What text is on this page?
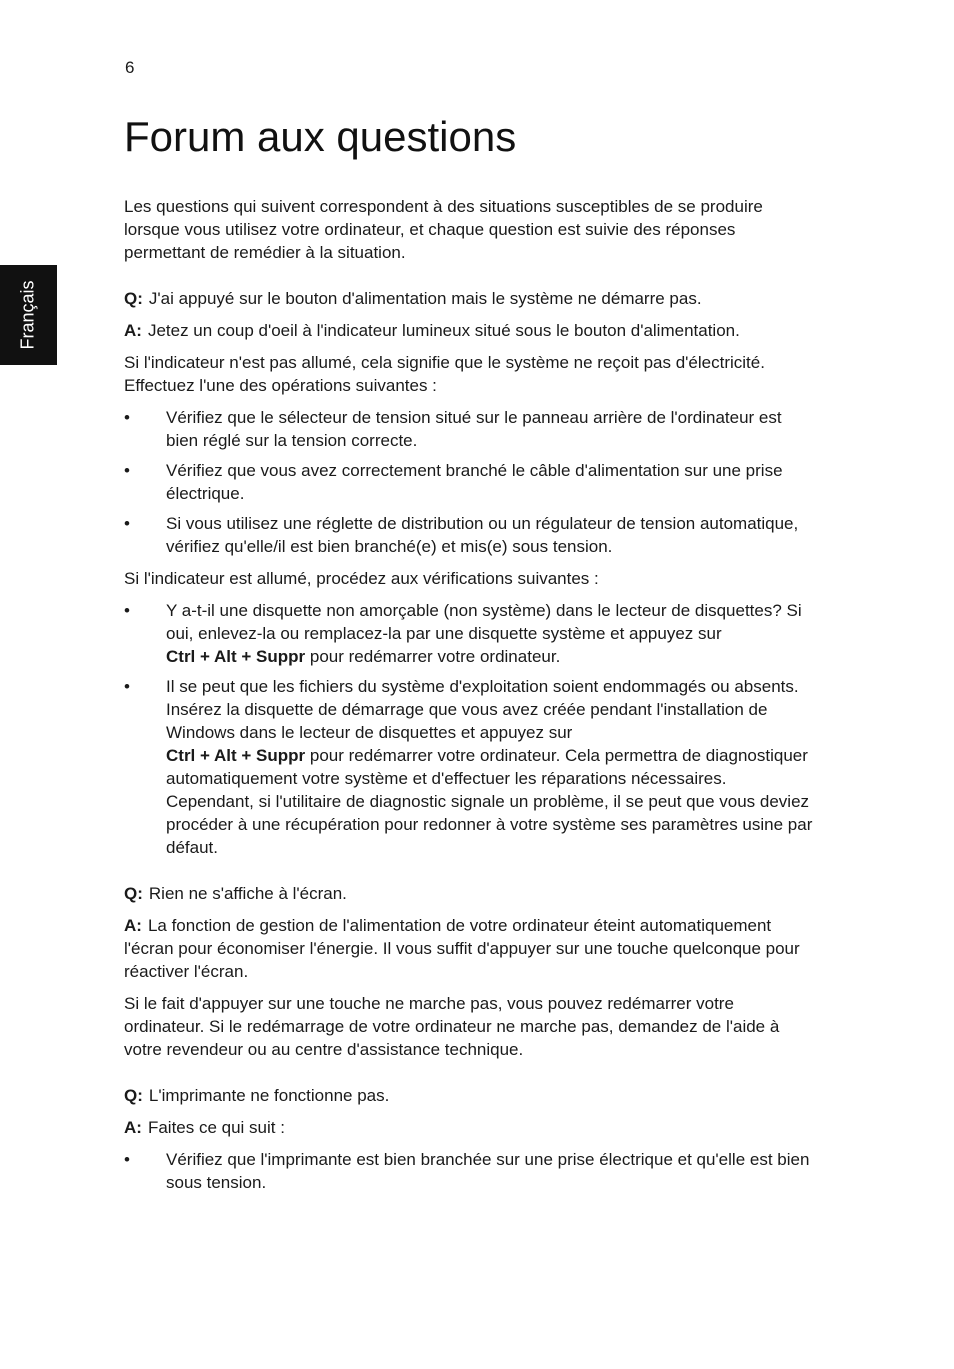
6
Français
Forum aux questions

Les questions qui suivent correspondent à des situations susceptibles de se produire lorsque vous utilisez votre ordinateur, et chaque question est suivie des réponses permettant de remédier à la situation.

Q: J'ai appuyé sur le bouton d'alimentation mais le système ne démarre pas.

A: Jetez un coup d'oeil à l'indicateur lumineux situé sous le bouton d'alimentation.

Si l'indicateur n'est pas allumé, cela signifie que le système ne reçoit pas d'électricité. Effectuez l'une des opérations suivantes :

• Vérifiez que le sélecteur de tension situé sur le panneau arrière de l'ordinateur est bien réglé sur la tension correcte.
• Vérifiez que vous avez correctement branché le câble d'alimentation sur une prise électrique.
• Si vous utilisez une réglette de distribution ou un régulateur de tension automatique, vérifiez qu'elle/il est bien branché(e) et mis(e) sous tension.

Si l'indicateur est allumé, procédez aux vérifications suivantes :

• Y a-t-il une disquette non amorçable (non système) dans le lecteur de disquettes? Si oui, enlevez-la ou remplacez-la par une disquette système et appuyez sur
Ctrl + Alt + Suppr pour redémarrer votre ordinateur.
• Il se peut que les fichiers du système d'exploitation soient endommagés ou absents. Insérez la disquette de démarrage que vous avez créée pendant l'installation de Windows dans le lecteur de disquettes et appuyez sur
Ctrl + Alt + Suppr pour redémarrer votre ordinateur. Cela permettra de diagnostiquer automatiquement votre système et d'effectuer les réparations nécessaires. Cependant, si l'utilitaire de diagnostic signale un problème, il se peut que vous deviez procéder à une récupération pour redonner à votre système ses paramètres usine par défaut.

Q: Rien ne s'affiche à l'écran.

A: La fonction de gestion de l'alimentation de votre ordinateur éteint automatiquement l'écran pour économiser l'énergie. Il vous suffit d'appuyer sur une touche quelconque pour réactiver l'écran.

Si le fait d'appuyer sur une touche ne marche pas, vous pouvez redémarrer votre ordinateur. Si le redémarrage de votre ordinateur ne marche pas, demandez de l'aide à votre revendeur ou au centre d'assistance technique.

Q: L'imprimante ne fonctionne pas.

A: Faites ce qui suit :

• Vérifiez que l'imprimante est bien branchée sur une prise électrique et qu'elle est bien sous tension.
